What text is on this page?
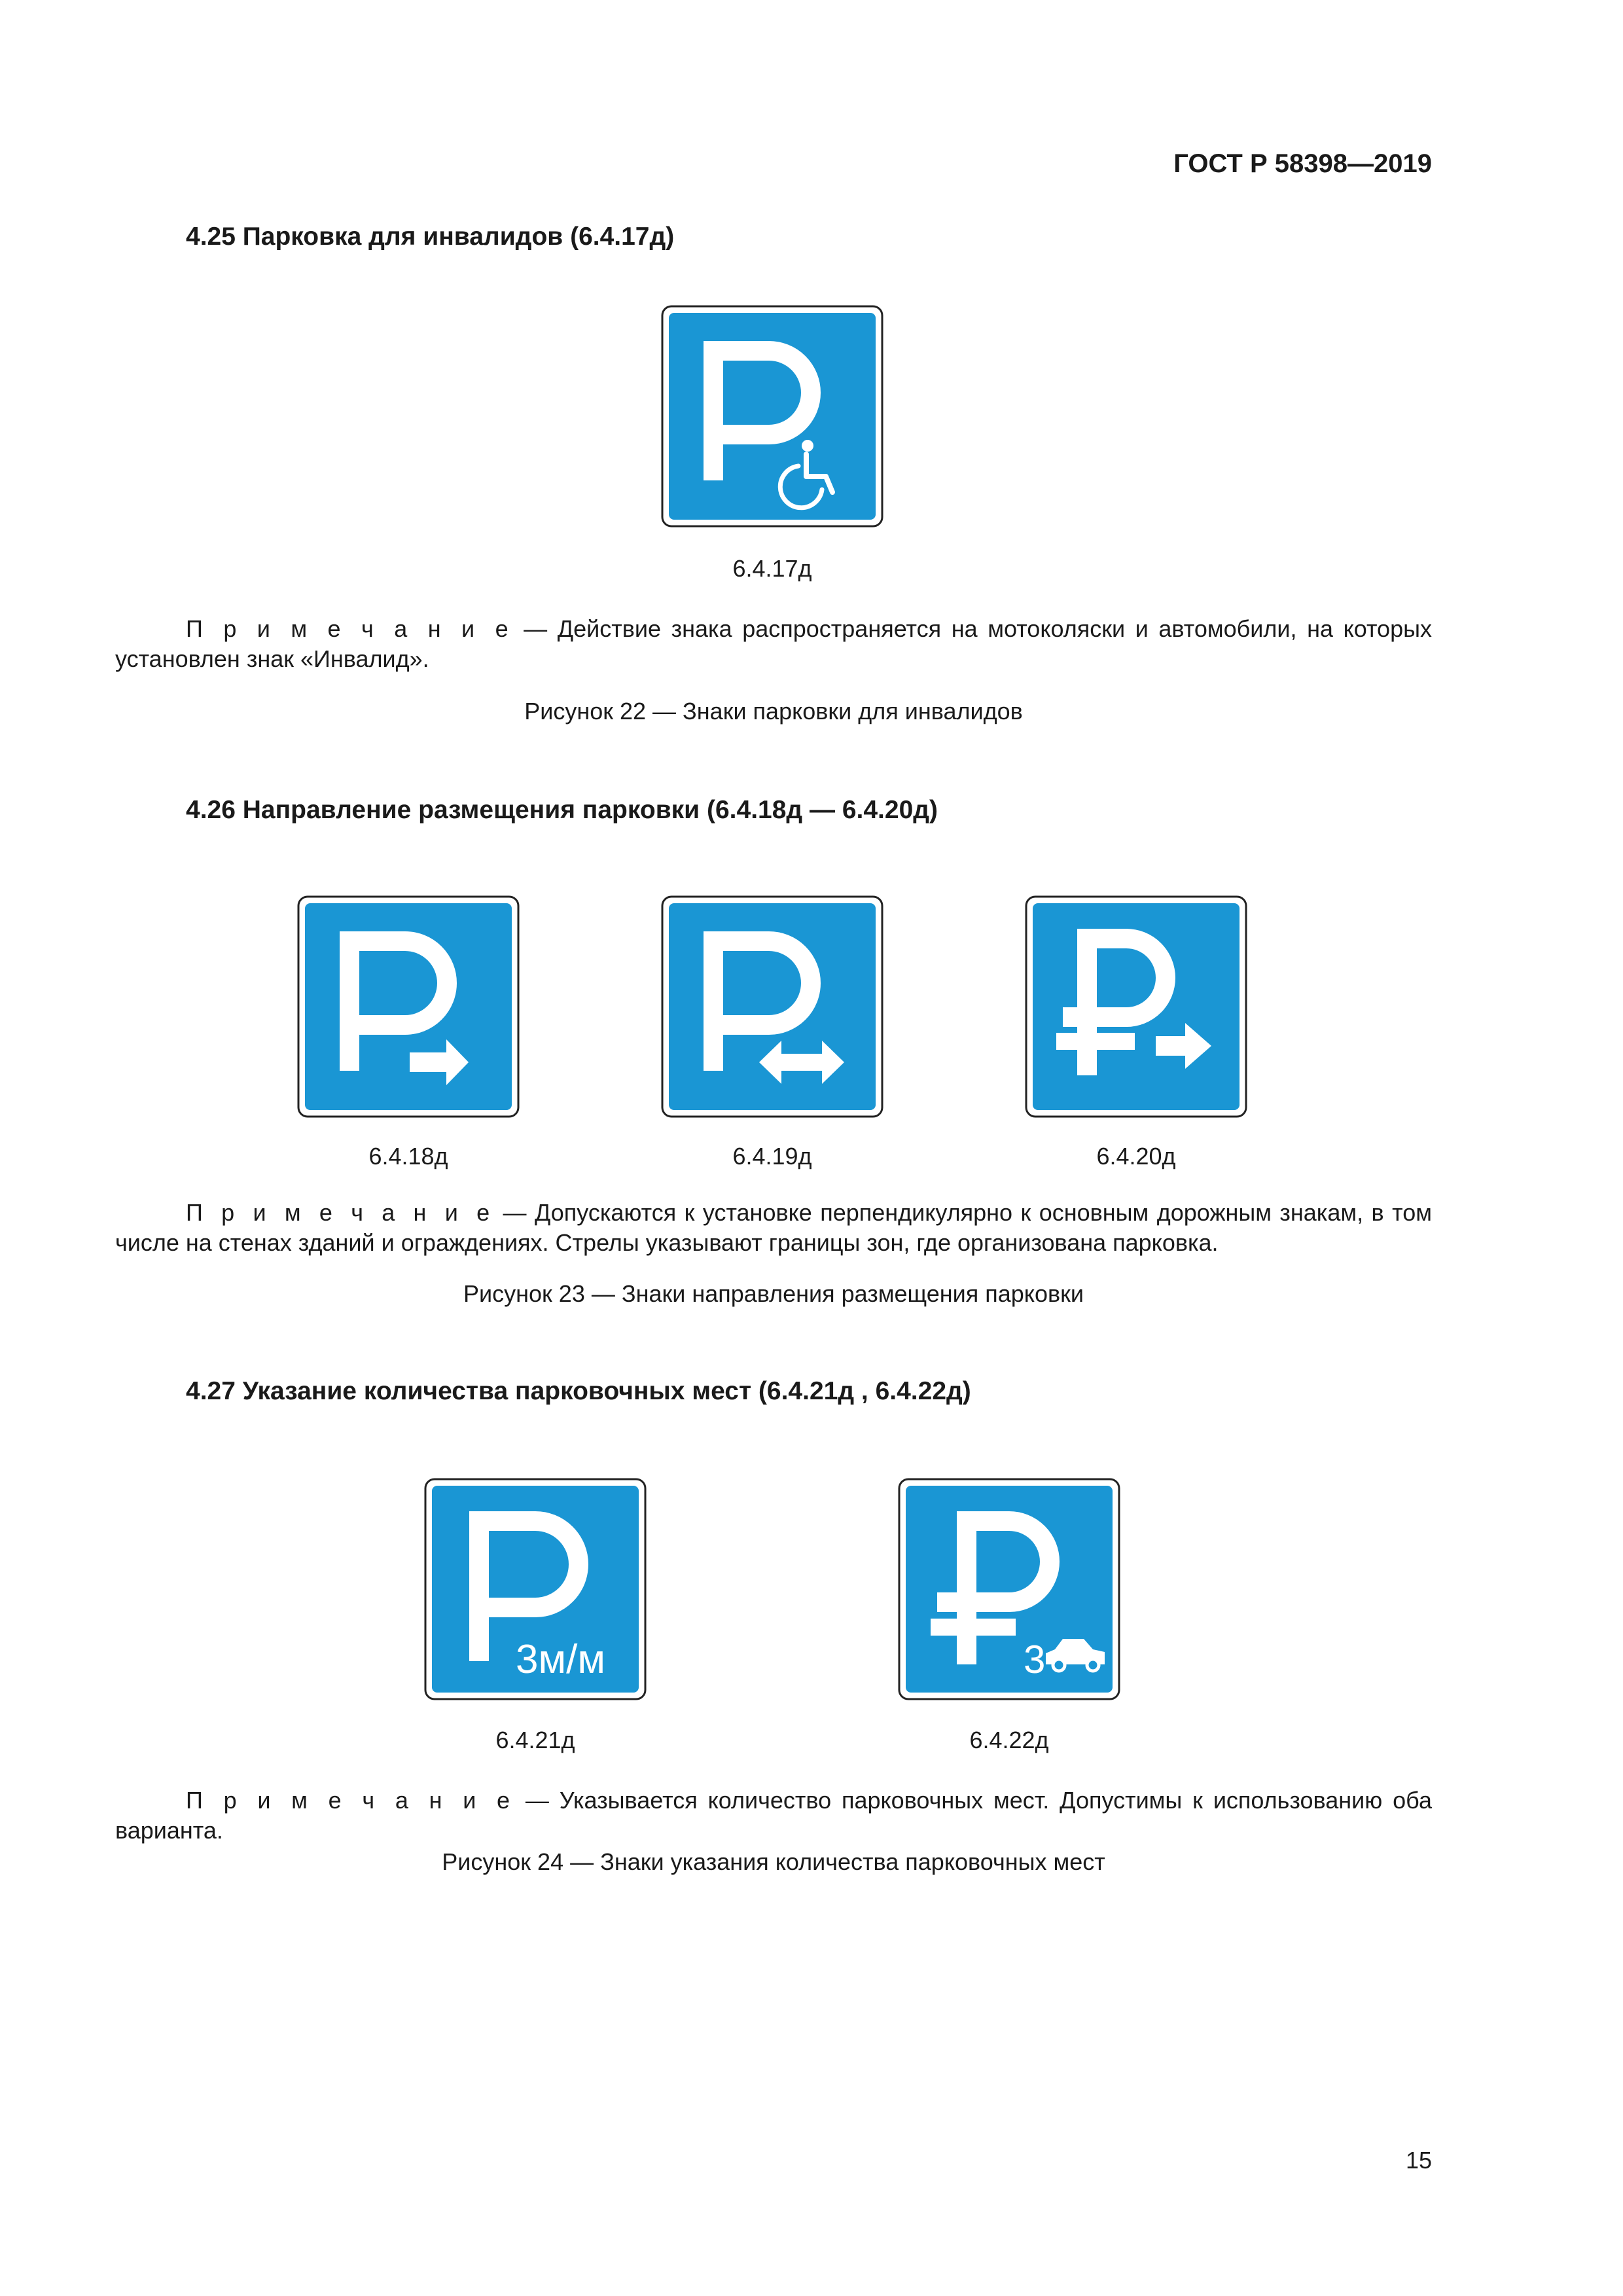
ГОСТ Р 58398—2019
4.25 Парковка для инвалидов (6.4.17д)
6.4.17д
П р и м е ч а н и е — Действие знака распространяется на мотоколяски и автомобили, на которых установлен знак «Инвалид».
Рисунок 22 — Знаки парковки для инвалидов
4.26 Направление размещения парковки (6.4.18д — 6.4.20д)
6.4.18д	6.4.19д	6.4.20д
П р и м е ч а н и е — Допускаются к установке перпендикулярно к основным дорожным знакам, в том числе на стенах зданий и ограждениях. Стрелы указывают границы зон, где организована парковка.
Рисунок 23 — Знаки направления размещения парковки
4.27 Указание количества парковочных мест (6.4.21д , 6.4.22д)
3м/м	3
6.4.21д	6.4.22д
П р и м е ч а н и е — Указывается количество парковочных мест. Допустимы к использованию оба варианта.
Рисунок 24 — Знаки указания количества парковочных мест
15
